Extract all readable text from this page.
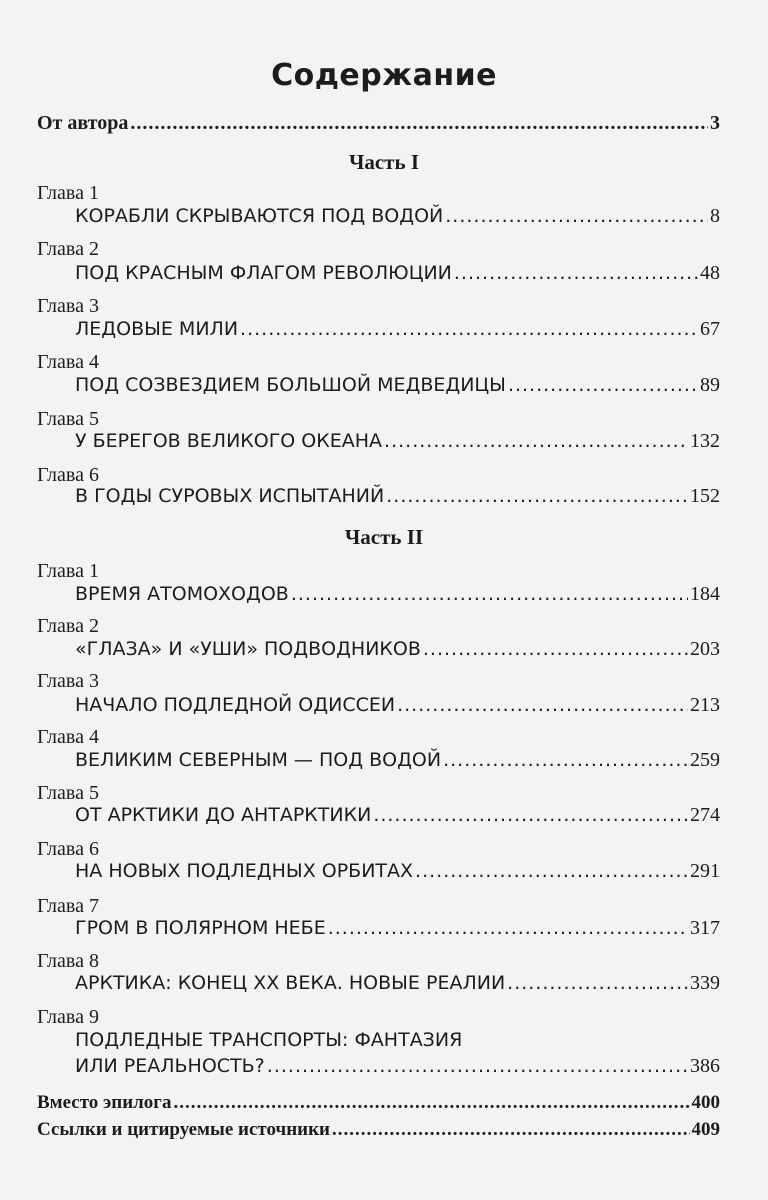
Содержание
От автора .....	3
Часть I
Глава 1
КОРАБЛИ СКРЫВАЮТСЯ ПОД ВОДОЙ .....	8
Глава 2
ПОД КРАСНЫМ ФЛАГОМ РЕВОЛЮЦИИ .....	48
Глава 3
ЛЕДОВЫЕ МИЛИ .....	67
Глава 4
ПОД СОЗВЕЗДИЕМ БОЛЬШОЙ МЕДВЕДИЦЫ .....	89
Глава 5
У БЕРЕГОВ ВЕЛИКОГО ОКЕАНА .....	132
Глава 6
В ГОДЫ СУРОВЫХ ИСПЫТАНИЙ .....	152
Часть II
Глава 1
ВРЕМЯ АТОМОХОДОВ .....	184
Глава 2
«ГЛАЗА» И «УШИ» ПОДВОДНИКОВ .....	203
Глава 3
НАЧАЛО ПОДЛЕДНОЙ ОДИССЕИ .....	213
Глава 4
ВЕЛИКИМ СЕВЕРНЫМ — ПОД ВОДОЙ .....	259
Глава 5
ОТ АРКТИКИ ДО АНТАРКТИКИ .....	274
Глава 6
НА НОВЫХ ПОДЛЕДНЫХ ОРБИТАХ .....	291
Глава 7
ГРОМ В ПОЛЯРНОМ НЕБЕ .....	317
Глава 8
АРКТИКА: КОНЕЦ XX ВЕКА. НОВЫЕ РЕАЛИИ .....	339
Глава 9
ПОДЛЕДНЫЕ ТРАНСПОРТЫ: ФАНТАЗИЯ
ИЛИ РЕАЛЬНОСТЬ? .....	386
Вместо эпилога .....	400
Ссылки и цитируемые источники .....	409
